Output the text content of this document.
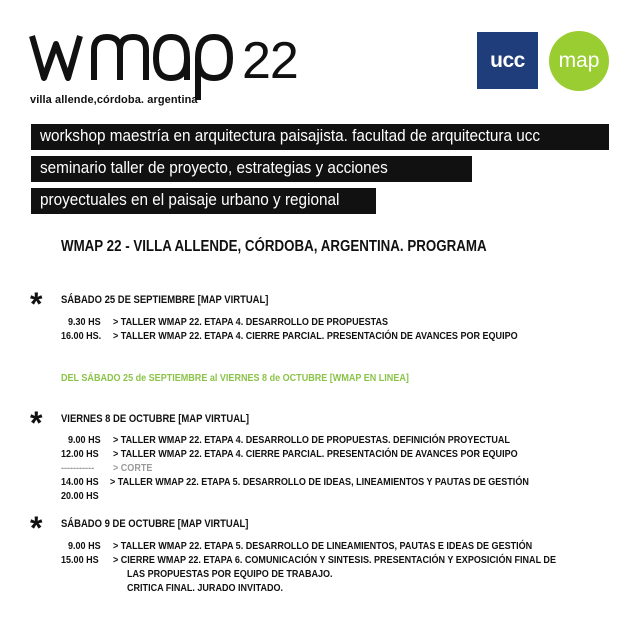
22
villa allende,córdoba. argentina
ucc	map
workshop maestría en arquitectura paisajista. facultad de arquitectura ucc
seminario taller de proyecto, estrategias y acciones
proyectuales en el paisaje urbano y regional
WMAP 22 - VILLA ALLENDE, CÓRDOBA, ARGENTINA. PROGRAMA
* SÁBADO 25 DE SEPTIEMBRE [MAP VIRTUAL]
9.30 HS	> TALLER WMAP 22. ETAPA 4. DESARROLLO DE PROPUESTAS
16.00 HS.	> TALLER WMAP 22. ETAPA 4. CIERRE PARCIAL. PRESENTACIÓN DE AVANCES POR EQUIPO
DEL SÁBADO 25 de SEPTIEMBRE al VIERNES 8 de OCTUBRE [WMAP EN LINEA]
* VIERNES 8 DE OCTUBRE [MAP VIRTUAL]
9.00 HS	> TALLER WMAP 22. ETAPA 4. DESARROLLO DE PROPUESTAS. DEFINICIÓN PROYECTUAL
12.00 HS	> TALLER WMAP 22. ETAPA 4. CIERRE PARCIAL. PRESENTACIÓN DE AVANCES POR EQUIPO
-----------	> CORTE
14.00 HS	> TALLER WMAP 22. ETAPA 5. DESARROLLO DE IDEAS, LINEAMIENTOS Y PAUTAS DE GESTIÓN
20.00 HS
* SÁBADO 9 DE OCTUBRE [MAP VIRTUAL]
9.00 HS	> TALLER WMAP 22. ETAPA 5. DESARROLLO DE LINEAMIENTOS, PAUTAS E IDEAS DE GESTIÓN
15.00 HS	> CIERRE WMAP 22. ETAPA 6. COMUNICACIÓN Y SINTESIS. PRESENTACIÓN Y EXPOSICIÓN FINAL DE
LAS PROPUESTAS POR EQUIPO DE TRABAJO.
CRITICA FINAL. JURADO INVITADO.
